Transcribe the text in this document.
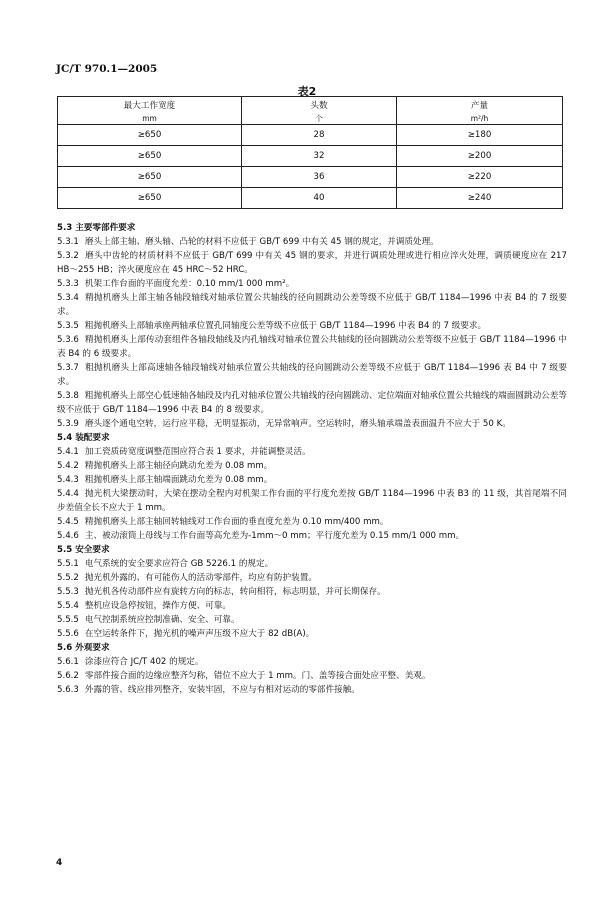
JC/T 970.1—2005
表2
最大工作宽度	头数	产量
mm	个	m²/h
≥650	28	≥180
≥650	32	≥200
≥650	36	≥220
≥650	40	≥240

5.3 主要零部件要求

5.3.1 磨头上部主轴、磨头轴、凸轮的材料不应低于 GB/T 699 中有关 45 钢的规定，并调质处理。

5.3.2 磨头中齿轮的材质材料不应低于 GB/T 699 中有关 45 钢的要求，并进行调质处理或进行相应淬火处理，调质硬度应在 217 HB～255 HB；淬火硬度应在 45 HRC～52 HRC。

5.3.3 机架工作台面的平面度允差：0.10 mm/1 000 mm²。

5.3.4 精抛机磨头上部主轴各轴段轴线对轴承位置公共轴线的径向圆跳动公差等级不应低于 GB/T 1184—1996 中表 B4 的 7 级要求。

5.3.5 粗抛机磨头上部轴承座两轴承位置孔同轴度公差等级不应低于 GB/T 1184—1996 中表 B4 的 7 级要求。

5.3.6 精抛机磨头上部传动套组件各轴段轴线及内孔轴线对轴承位置公共轴线的径向圆跳动公差等级不应低于 GB/T 1184—1996 中表 B4 的 6 级要求。

5.3.7 粗抛机磨头上部高速轴各轴段轴线对轴承位置公共轴线的径向圆跳动公差等级不应低于 GB/T 1184—1996 表 B4 中 7 级要求。

5.3.8 粗抛机磨头上部空心低速轴各轴段及内孔对轴承位置公共轴线的径向圆跳动、定位端面对轴承位置公共轴线的端面圆跳动公差等级不应低于 GB/T 1184—1996 中表 B4 的 8 级要求。

5.3.9 磨头逐个通电空转，运行应平稳，无明显振动，无异常响声。空运转时，磨头轴承端盖表面温升不应大于 50 K。

5.4 装配要求

5.4.1 加工瓷质砖宽度调整范围应符合表 1 要求，并能调整灵活。

5.4.2 精抛机磨头上部主轴径向跳动允差为 0.08 mm。

5.4.3 粗抛机磨头上部主轴端面跳动允差为 0.08 mm。

5.4.4 抛光机大梁摆动时，大梁在摆动全程内对机架工作台面的平行度允差按 GB/T 1184—1996 中表 B3 的 11 级，其首尾端不同步差值全长不应大于 1 mm。

5.4.5 精抛机磨头上部主轴回转轴线对工作台面的垂直度允差为 0.10 mm/400 mm。

5.4.6 主、被动滚筒上母线与工作台面等高允差为-1mm～0 mm；平行度允差为 0.15 mm/1 000 mm。

5.5 安全要求

5.5.1 电气系统的安全要求应符合 GB 5226.1 的规定。

5.5.2 抛光机外露的、有可能伤人的活动零部件，均应有防护装置。

5.5.3 抛光机各传动部件应有旋转方向的标志，转向相符，标志明显，并可长期保存。

5.5.4 整机应设急停按钮，操作方便、可靠。

5.5.5 电气控制系统应控制准确、安全、可靠。

5.5.6 在空运转条件下，抛光机的噪声声压级不应大于 82 dB(A)。

5.6 外观要求

5.6.1 涂漆应符合 JC/T 402 的规定。

5.6.2 零部件接合面的边缘应整齐匀称，错位不应大于 1 mm。门、盖等接合面处应平整、美观。

5.6.3 外露的管、线应排列整齐，安装牢固，不应与有相对运动的零部件接触。

4
